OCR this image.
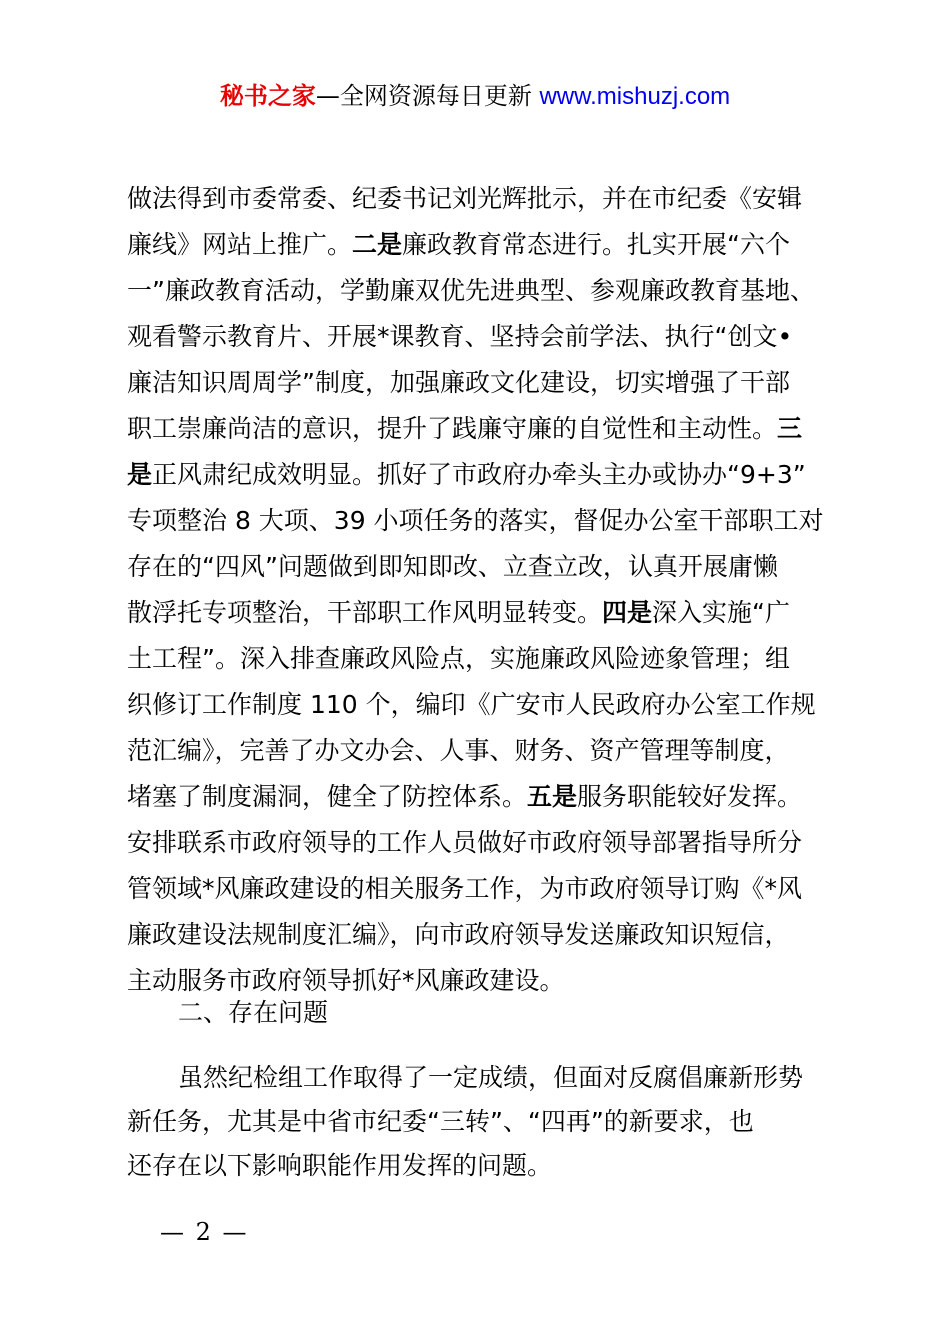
秘书之家—全网资源每日更新 www.mishuzj.com
做法得到市委常委、纪委书记刘光辉批示，并在市纪委《安辑
廉线》网站上推广。二是廉政教育常态进行。扎实开展“六个
一”廉政教育活动，学勤廉双优先进典型、参观廉政教育基地、
观看警示教育片、开展*课教育、坚持会前学法、执行“创文•
廉洁知识周周学”制度，加强廉政文化建设，切实增强了干部
职工崇廉尚洁的意识，提升了践廉守廉的自觉性和主动性。三
是正风肃纪成效明显。抓好了市政府办牵头主办或协办“9+3”
专项整治 8 大项、39 小项任务的落实，督促办公室干部职工对
存在的“四风”问题做到即知即改、立查立改，认真开展庸懒
散浮托专项整治，干部职工作风明显转变。四是深入实施“广
土工程”。深入排查廉政风险点，实施廉政风险迹象管理；组
织修订工作制度 110 个，编印《广安市人民政府办公室工作规
范汇编》，完善了办文办会、人事、财务、资产管理等制度，
堵塞了制度漏洞，健全了防控体系。五是服务职能较好发挥。
安排联系市政府领导的工作人员做好市政府领导部署指导所分
管领域*风廉政建设的相关服务工作，为市政府领导订购《*风
廉政建设法规制度汇编》，向市政府领导发送廉政知识短信，
主动服务市政府领导抓好*风廉政建设。
二、存在问题
虽然纪检组工作取得了一定成绩，但面对反腐倡廉新形势
新任务，尤其是中省市纪委“三转”、“四再”的新要求，也
还存在以下影响职能作用发挥的问题。
— 2 —
